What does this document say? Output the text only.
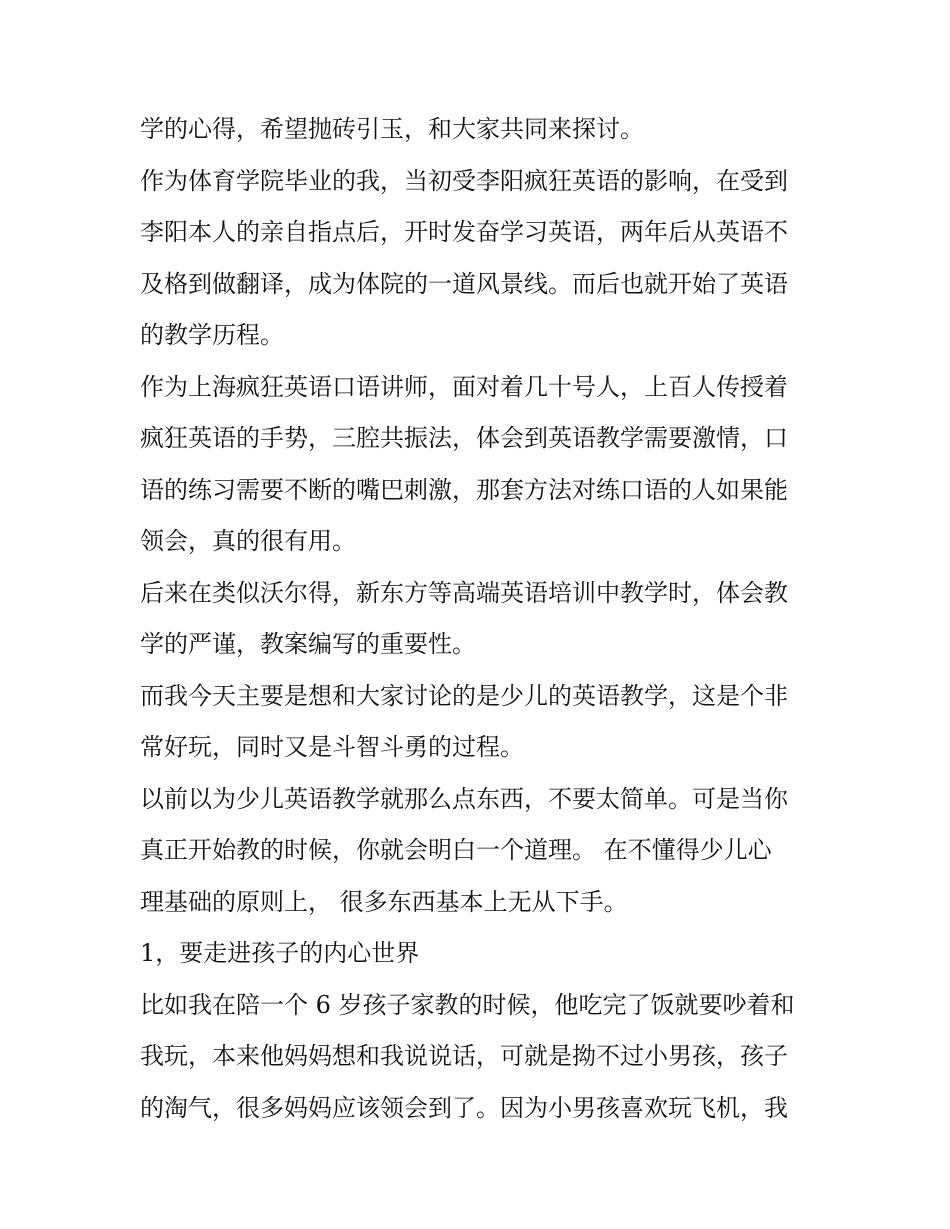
学的心得，希望抛砖引玉，和大家共同来探讨。
作为体育学院毕业的我，当初受李阳疯狂英语的影响，在受到
李阳本人的亲自指点后，开时发奋学习英语，两年后从英语不
及格到做翻译，成为体院的一道风景线。而后也就开始了英语
的教学历程。
作为上海疯狂英语口语讲师，面对着几十号人，上百人传授着
疯狂英语的手势，三腔共振法，体会到英语教学需要激情，口
语的练习需要不断的嘴巴刺激，那套方法对练口语的人如果能
领会，真的很有用。
后来在类似沃尔得，新东方等高端英语培训中教学时，体会教
学的严谨，教案编写的重要性。
而我今天主要是想和大家讨论的是少儿的英语教学，这是个非
常好玩，同时又是斗智斗勇的过程。
以前以为少儿英语教学就那么点东西，不要太简单。可是当你
真正开始教的时候，你就会明白一个道理。 在不懂得少儿心
理基础的原则上， 很多东西基本上无从下手。
1，要走进孩子的内心世界
比如我在陪一个 6 岁孩子家教的时候，他吃完了饭就要吵着和
我玩，本来他妈妈想和我说说话，可就是拗不过小男孩，孩子
的淘气，很多妈妈应该领会到了。因为小男孩喜欢玩飞机，我
